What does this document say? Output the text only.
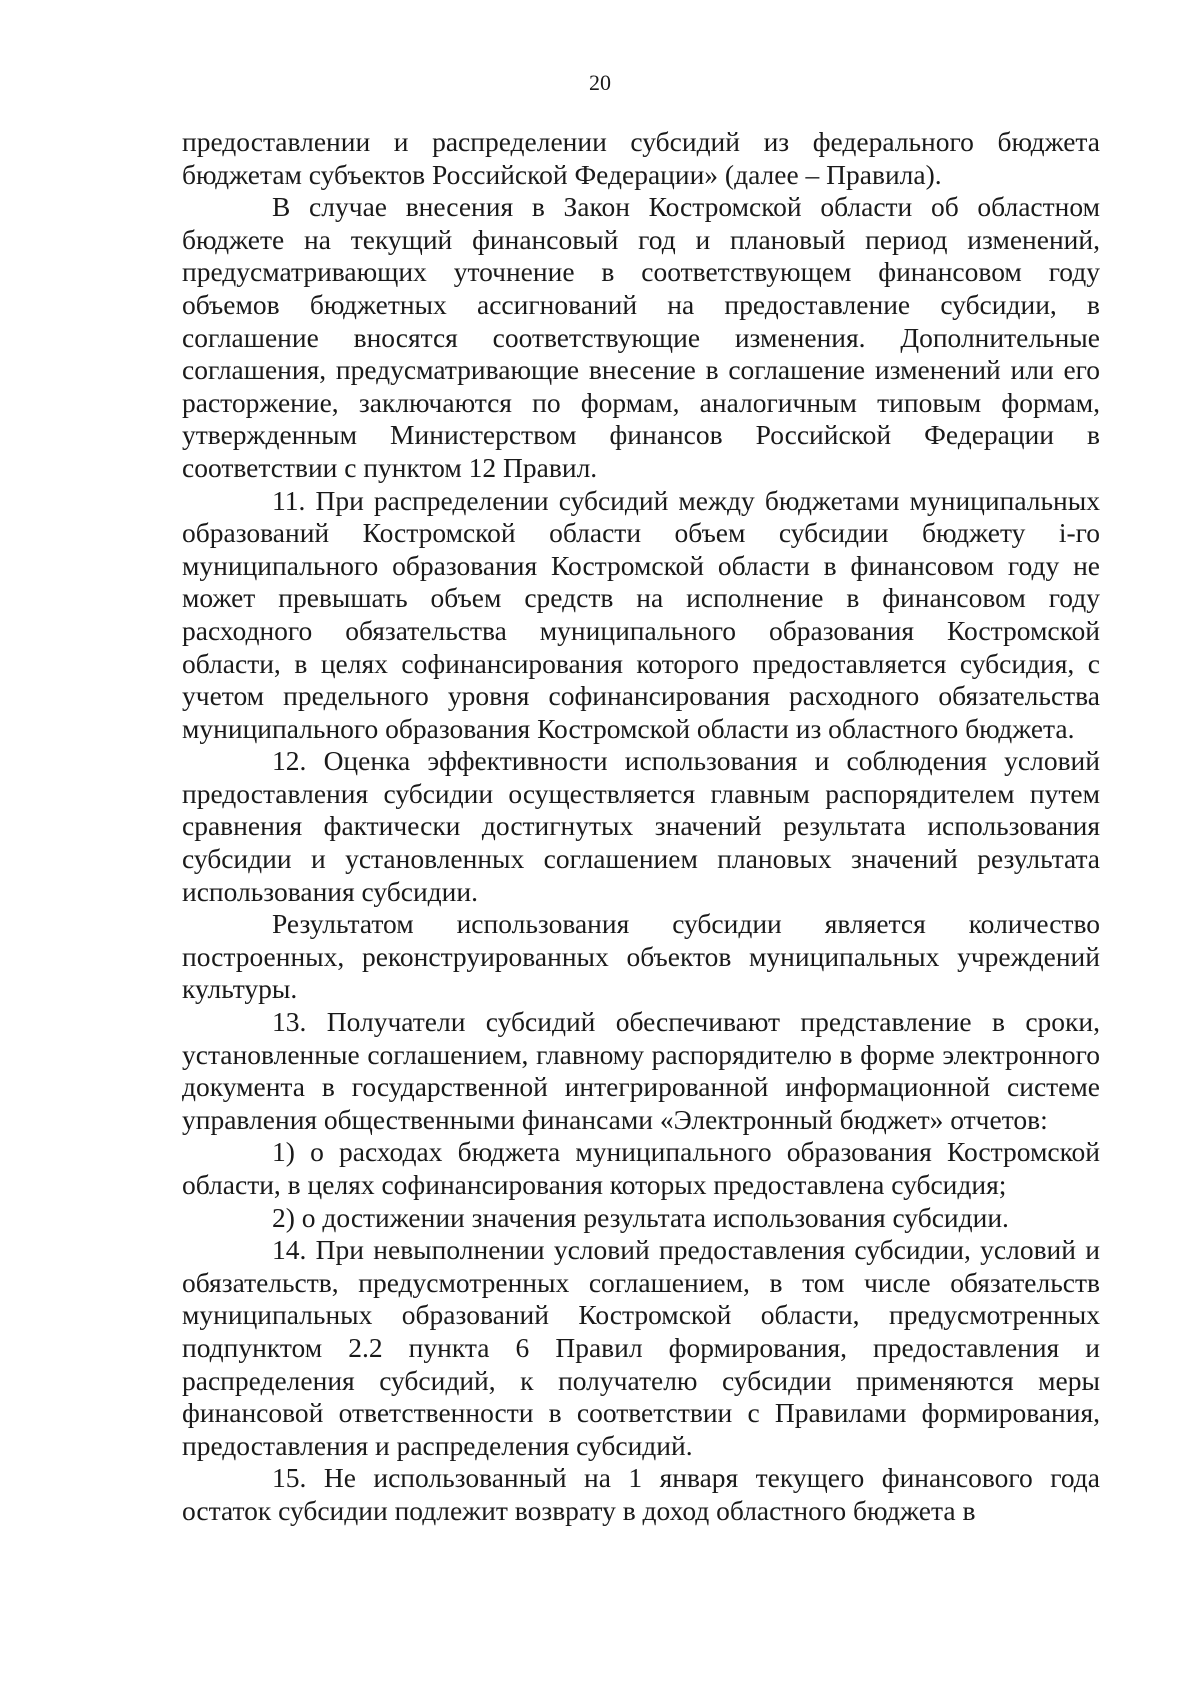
20

предоставлении и распределении субсидий из федерального бюджета бюджетам субъектов Российской Федерации» (далее – Правила).

В случае внесения в Закон Костромской области об областном бюджете на текущий финансовый год и плановый период изменений, предусматривающих уточнение в соответствующем финансовом году объемов бюджетных ассигнований на предоставление субсидии, в соглашение вносятся соответствующие изменения. Дополнительные соглашения, предусматривающие внесение в соглашение изменений или его расторжение, заключаются по формам, аналогичным типовым формам, утвержденным Министерством финансов Российской Федерации в соответствии с пунктом 12 Правил.

11. При распределении субсидий между бюджетами муниципальных образований Костромской области объем субсидии бюджету i-го муниципального образования Костромской области в финансовом году не может превышать объем средств на исполнение в финансовом году расходного обязательства муниципального образования Костромской области, в целях софинансирования которого предоставляется субсидия, с учетом предельного уровня софинансирования расходного обязательства муниципального образования Костромской области из областного бюджета.

12. Оценка эффективности использования и соблюдения условий предоставления субсидии осуществляется главным распорядителем путем сравнения фактически достигнутых значений результата использования субсидии и установленных соглашением плановых значений результата использования субсидии.

Результатом использования субсидии является количество построенных, реконструированных объектов муниципальных учреждений культуры.

13. Получатели субсидий обеспечивают представление в сроки, установленные соглашением, главному распорядителю в форме электронного документа в государственной интегрированной информационной системе управления общественными финансами «Электронный бюджет» отчетов:

1) о расходах бюджета муниципального образования Костромской области, в целях софинансирования которых предоставлена субсидия;

2) о достижении значения результата использования субсидии.

14. При невыполнении условий предоставления субсидии, условий и обязательств, предусмотренных соглашением, в том числе обязательств муниципальных образований Костромской области, предусмотренных подпунктом 2.2 пункта 6 Правил формирования, предоставления и распределения субсидий, к получателю субсидии применяются меры финансовой ответственности в соответствии с Правилами формирования, предоставления и распределения субсидий.

15. Не использованный на 1 января текущего финансового года остаток субсидии подлежит возврату в доход областного бюджета в
